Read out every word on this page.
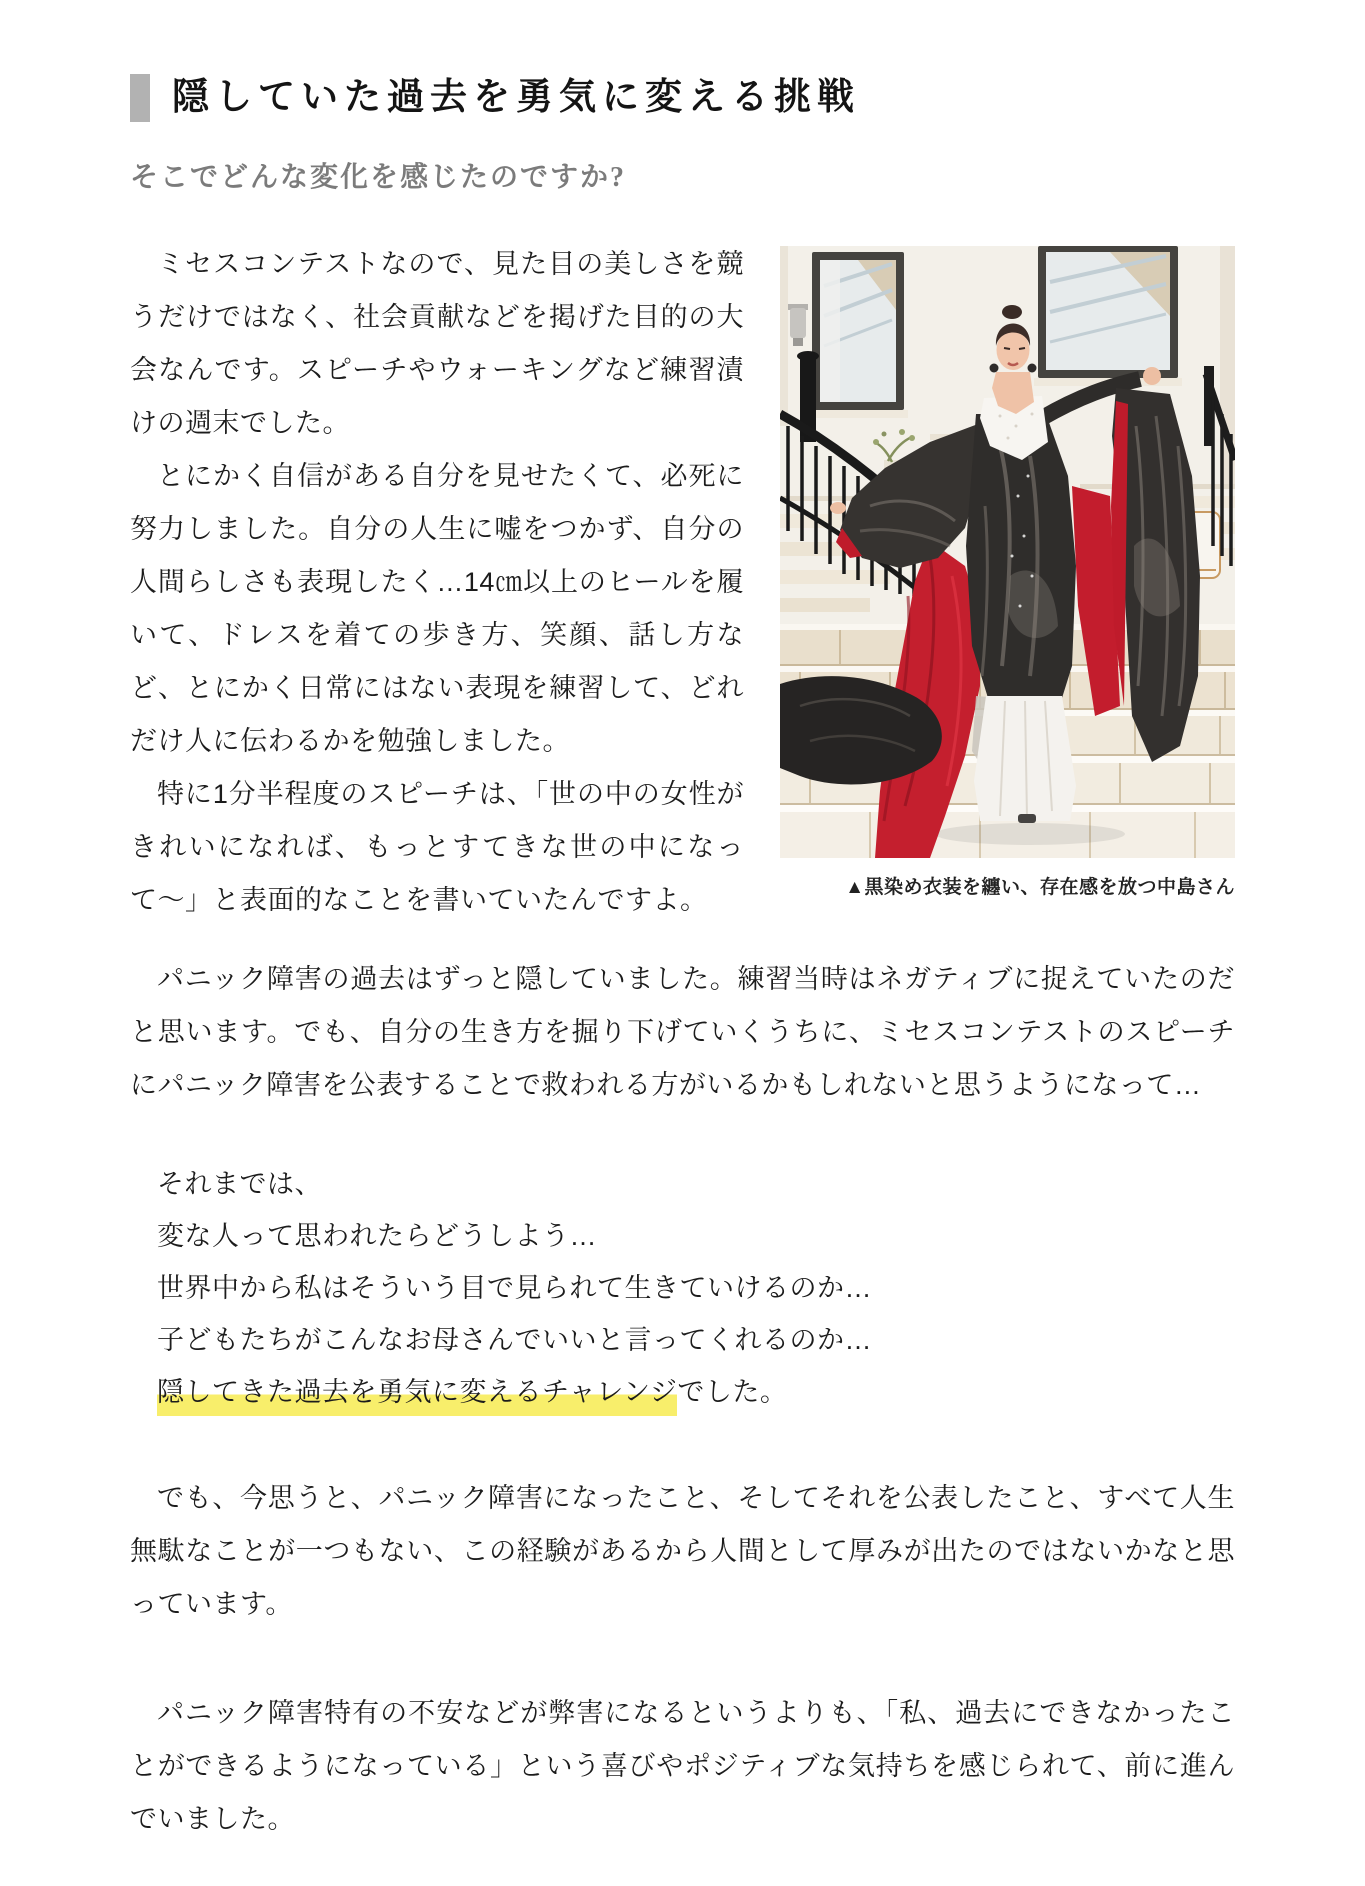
隠していた過去を勇気に変える挑戦
そこでどんな変化を感じたのですか?

ミセスコンテストなので、見た目の美しさを競うだけではなく、社会貢献などを掲げた目的の大会なんです。スピーチやウォーキングなど練習漬けの週末でした。

とにかく自信がある自分を見せたくて、必死に努力しました。自分の人生に嘘をつかず、自分の人間らしさも表現したく…14㎝以上のヒールを履いて、ドレスを着ての歩き方、笑顔、話し方など、とにかく日常にはない表現を練習して、どれだけ人に伝わるかを勉強しました。

特に1分半程度のスピーチは、「世の中の女性がきれいになれば、もっとすてきな世の中になって〜」と表面的なことを書いていたんですよ。	▲黒染め衣装を纏い、存在感を放つ中島さん

パニック障害の過去はずっと隠していました。練習当時はネガティブに捉えていたのだと思います。でも、自分の生き方を掘り下げていくうちに、ミセスコンテストのスピーチにパニック障害を公表することで救われる方がいるかもしれないと思うようになって…

それまでは、
変な人って思われたらどうしよう…
世界中から私はそういう目で見られて生きていけるのか…
子どもたちがこんなお母さんでいいと言ってくれるのか…
隠してきた過去を勇気に変えるチャレンジでした。

でも、今思うと、パニック障害になったこと、そしてそれを公表したこと、すべて人生無駄なことが一つもない、この経験があるから人間として厚みが出たのではないかなと思っています。

パニック障害特有の不安などが弊害になるというよりも、「私、過去にできなかったことができるようになっている」という喜びやポジティブな気持ちを感じられて、前に進んでいました。
